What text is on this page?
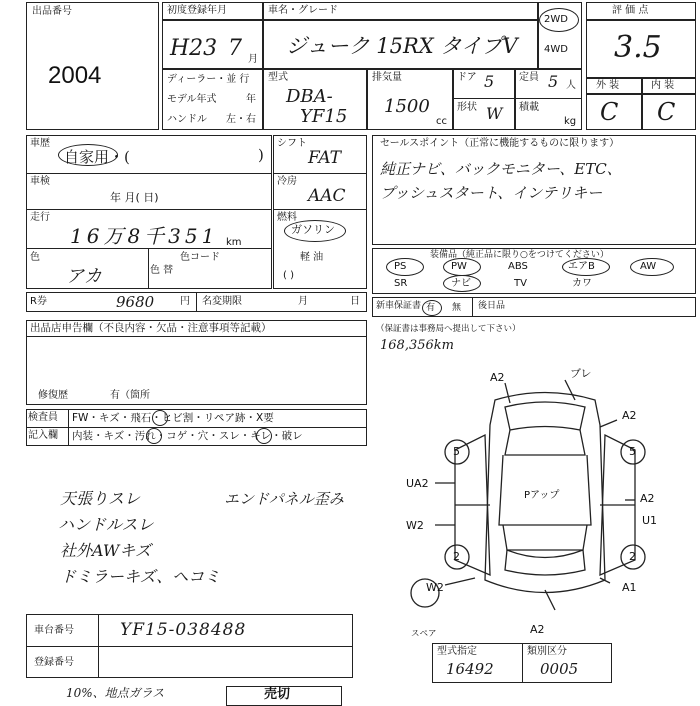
出品番号
2004
初度登録年月
H23 7 月
車名・グレード
ジューク 15RX タイプV
2WD
4WD
ディーラー・並 行
モデル年式	年
ハンドル 左・右
型式
DBA-
YF15
排気量
1500
cc
ドア 5 定員 5 人
形状 W 積載
kg
評 価 点
3.5
外 装	内 装
C C
車歴
自家用・(	)
車検
年 月( 日)
走行
16万8千351 km
色
アカ	色 替
色コード
シフト
FAT
冷房
AAC
燃料
ガソリン
軽 油
( )
R券	9680	円 名変期限	月	日
セールスポイント（正常に機能するものに限ります）
純正ナビ、バックモニター、ETC、
プッシュスタート、インテリキー
装備品（純正品に限り○をつけてください）
PS	PW	ABS	エアB	AW
SR	ナビ	TV	カワ
新車保証書 有 無 後日品
（保証書は事務局へ提出して下さい）
168,356km
出品店申告欄（不良内容・欠品・注意事項等記載）
修復歴	有（箇所
検査員
記入欄
FW・キズ・飛石・ヒビ割・リペア跡・X要
内装・キズ・汚れ・コゲ・穴・スレ・キレ・破レ
天張りスレ
ハンドルスレ
社外AWキズ
ドミラーキズ、ヘコミ
エンドパネル歪み
A2	ブレ
A2
UA2
W2
A2
U1
W2	A1
A2
Pアップ
5	5
2	2
スペア
車台番号	YF15-038488
登録番号
型式指定
16492
類別区分
0005
10%、地点ガラス	売切
